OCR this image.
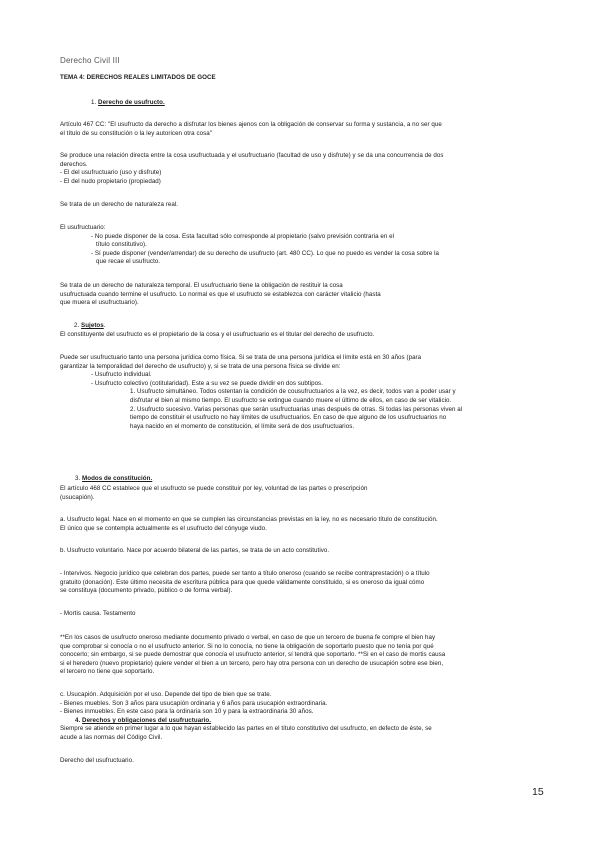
Derecho Civil III
TEMA 4: DERECHOS REALES LIMITADOS DE GOCE
1. Derecho de usufructo.
Artículo 467 CC: "El usufructo da derecho a disfrutar los bienes ajenos con la obligación de conservar su forma y sustancia, a no ser que
el título de su constitución o la ley autoricen otra cosa"
Se produce una relación directa entre la cosa usufructuada y el usufructuario (facultad de uso y disfrute) y se da una concurrencia de dos
derechos.
- El del usufructuario (uso y disfrute)
- El del nudo propietario (propiedad)
Se trata de un derecho de naturaleza real.
El usufructuario:
- No puede disponer de la cosa. Esta facultad sólo corresponde al propietario (salvo previsión contraria en el
título constitutivo).
- Sí puede disponer (vender/arrendar) de su derecho de usufructo (art. 480 CC). Lo que no puedo es vender la cosa sobre la
que recae el usufructo.
Se trata de un derecho de naturaleza temporal. El usufructuario tiene la obligación de restituir la cosa
usufructuada cuando termine el usufructo. Lo normal es que el usufructo se establezca con carácter vitalicio (hasta
que muera el usufructuario).
2. Sujetos.
El constituyente del usufructo es el propietario de la cosa y el usufructuario es el titular del derecho de usufructo.
Puede ser usufructuario tanto una persona jurídica como física. Si se trata de una persona jurídica el límite está en 30 años (para
garantizar la temporalidad del derecho de usufructo) y, si se trata de una persona física se divide en:
- Usufructo individual.
- Usufructo colectivo (cotitularidad). Este a su vez se puede dividir en dos subtipos.
1. Usufructo simultáneo. Todos ostentan la condición de cousufructuarios a la vez, es decir, todos van a poder usar y
disfrutar el bien al mismo tiempo. El usufructo se extingue cuando muere el último de ellos, en caso de ser vitalicio.
2. Usufructo sucesivo. Varias personas que serán usufructuarias unas después de otras. Si todas las personas viven al
tiempo de constituir el usufructo no hay límites de usufructuarios. En caso de que alguno de los usufructuarios no
haya nacido en el momento de constitución, el límite será de dos usufructuarios.
3. Modos de constitución.
El artículo 468 CC establece que el usufructo se puede constituir por ley, voluntad de las partes o prescripción
(usucapión).
a. Usufructo legal. Nace en el momento en que se cumplen las circunstancias previstas en la ley, no es necesario título de constitución.
El único que se contempla actualmente es el usufructo del cónyuge viudo.
b. Usufructo voluntario. Nace por acuerdo bilateral de las partes, se trata de un acto constitutivo.
- Intervivos. Negocio jurídico que celebran dos partes, puede ser tanto a título oneroso (cuando se recibe contraprestación) o a título
gratuito (donación). Este último necesita de escritura pública para que quede válidamente constituido, si es oneroso da igual cómo
se constituya (documento privado, público o de forma verbal).
- Mortis causa. Testamento
**En los casos de usufructo oneroso mediante documento privado o verbal, en caso de que un tercero de buena fe compre el bien hay
que comprobar si conocía o no el usufructo anterior. Si no lo conocía, no tiene la obligación de soportarlo puesto que no tenía por qué
conocerlo; sin embargo, si se puede demostrar que conocía el usufructo anterior, sí tendrá que soportarlo. **Si en el caso de mortis causa
si el heredero (nuevo propietario) quiere vender el bien a un tercero, pero hay otra persona con un derecho de usucapión sobre ese bien,
el tercero no tiene que soportarlo.
c. Usucapión. Adquisición por el uso. Depende del tipo de bien que se trate.
- Bienes muebles. Son 3 años para usucapión ordinaria y 6 años para usucapión extraordinaria.
- Bienes inmuebles. En este caso para la ordinaria son 10 y para la extraordinaria 30 años.
4. Derechos y obligaciones del usufructuario.
Siempre se atiende en primer lugar a lo que hayan establecido las partes en el título constitutivo del usufructo, en defecto de éste, se
acude a las normas del Código Civil.
Derecho del usufructuario.
15
